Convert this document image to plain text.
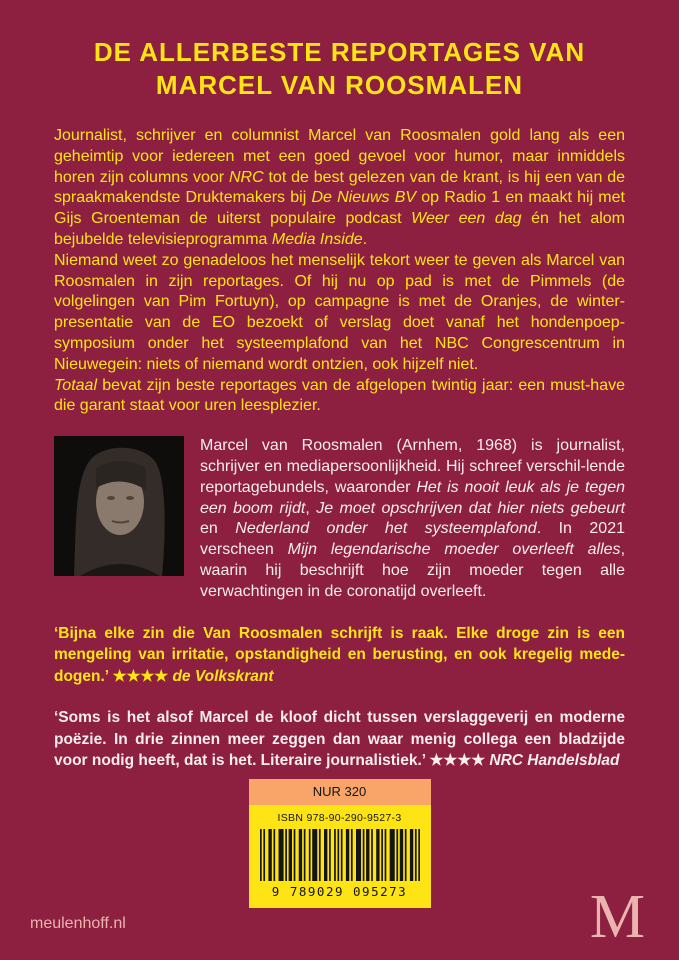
DE ALLERBESTE REPORTAGES VAN
MARCEL VAN ROOSMALEN

Journalist, schrijver en columnist Marcel van Roosmalen gold lang als een geheimtip voor iedereen met een goed gevoel voor humor, maar inmiddels horen zijn columns voor NRC tot de best gelezen van de krant, is hij een van de spraakmakendste Druktemakers bij De Nieuws BV op Radio 1 en maakt hij met Gijs Groenteman de uiterst populaire podcast Weer een dag én het alom bejubelde televisieprogramma Media Inside.

Niemand weet zo genadeloos het menselijk tekort weer te geven als Marcel van Roosmalen in zijn reportages. Of hij nu op pad is met de Pimmels (de volgelingen van Pim Fortuyn), op campagne is met de Oranjes, de winter-presentatie van de EO bezoekt of verslag doet vanaf het hondenpoep-symposium onder het systeemplafond van het NBC Congrescentrum in Nieuwegein: niets of niemand wordt ontzien, ook hijzelf niet.

Totaal bevat zijn beste reportages van de afgelopen twintig jaar: een must-have die garant staat voor uren leesplezier.

Marcel van Roosmalen (Arnhem, 1968) is journalist, schrijver en mediapersoonlijkheid. Hij schreef verschil-lende reportagebundels, waaronder Het is nooit leuk als je tegen een boom rijdt, Je moet opschrijven dat hier niets gebeurt en Nederland onder het systeemplafond. In 2021 verscheen Mijn legendarische moeder overleeft alles, waarin hij beschrijft hoe zijn moeder tegen alle verwachtingen in de coronatijd overleeft.

‘Bijna elke zin die Van Roosmalen schrijft is raak. Elke droge zin is een mengeling van irritatie, opstandigheid en berusting, en ook kregelig mede-dogen.’ ★★★★ de Volkskrant

‘Soms is het alsof Marcel de kloof dicht tussen verslaggeverij en moderne poëzie. In drie zinnen meer zeggen dan waar menig collega een bladzijde voor nodig heeft, dat is het. Literaire journalistiek.’ ★★★★ NRC Handelsblad

NUR 320
ISBN 978-90-290-9527-3
9 789029 095273
meulenhoff.nl	M
